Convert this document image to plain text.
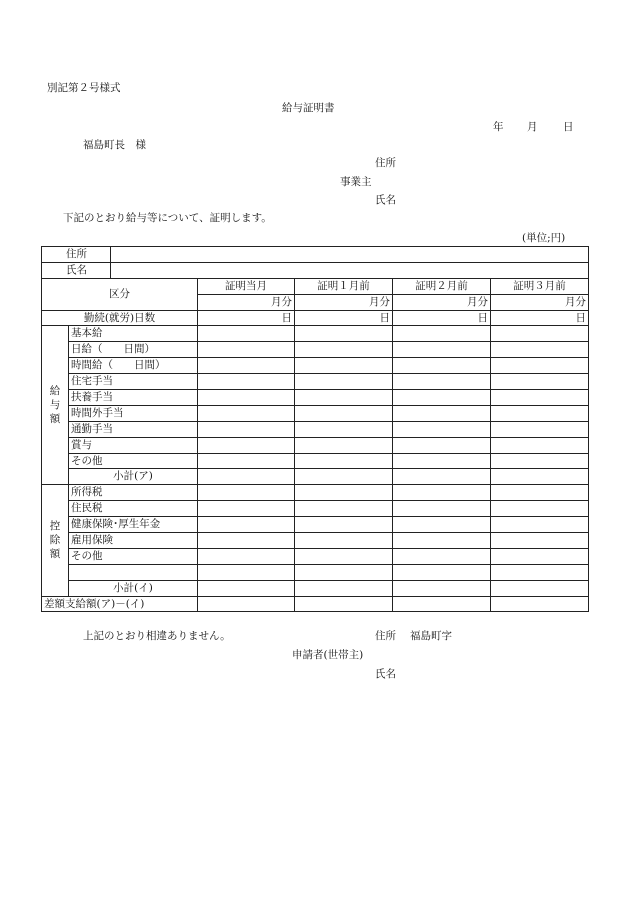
別記第２号様式
給与証明書
年 月 日
福島町長　様
住所
事業主
氏名
下記のとおり給与等について、証明します。
(単位;円)
住所						
氏名						
区分			証明当月	証明１月前	証明２月前	証明３月前
			月分	月分	月分	月分
勤続(就労)日数			日	日	日	日

給
与
額	基本給					
	日給（　　日間）					
	時間給（　　日間）					
	住宅手当					
	扶養手当					
	時間外手当					
	通勤手当					
	賞与					
	その他					
	小計(ア)					

控
除
額	所得税					
	住民税					
	健康保険･厚生年金					
	雇用保険					
	その他					

	小計(イ)					
差額支給額(ア)－(イ)						
上記のとおり相違ありません。	住所 福島町字
申請者(世帯主)
氏名
